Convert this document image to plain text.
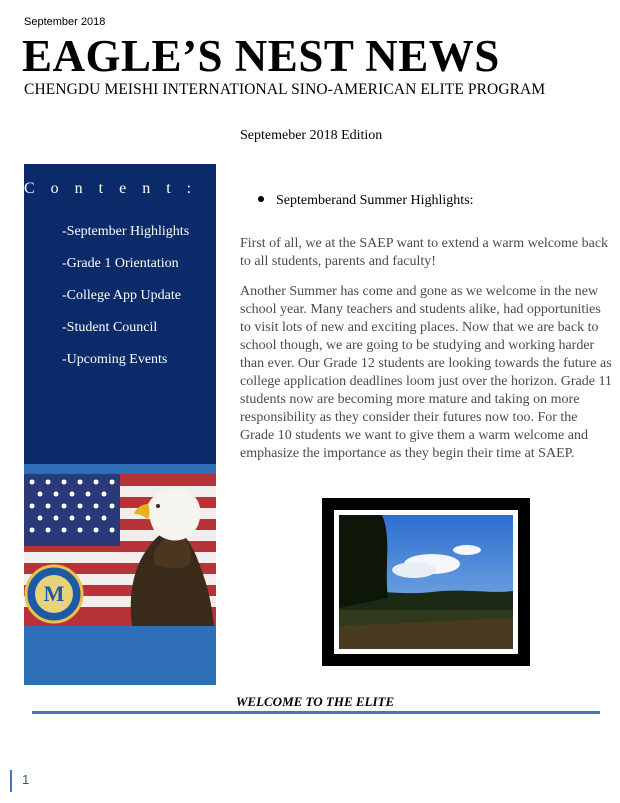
September 2018
EAGLE’S NEST NEWS
CHENGDU MEISHI INTERNATIONAL SINO-AMERICAN ELITE PROGRAM
Septemeber 2018 Edition
Content:
-September Highlights
-Grade 1 Orientation
-College App Update
-Student Council
-Upcoming Events
M
Septemberand Summer Highlights:

First of all, we at the SAEP want to extend a warm welcome back to all students, parents and faculty!

Another Summer has come and gone as we welcome in the new school year. Many teachers and students alike, had opportunities to visit lots of new and exciting places. Now that we are back to school though, we are going to be studying and working harder than ever. Our Grade 12 students are looking towards the future as college application deadlines loom just over the horizon. Grade 11 students now are becoming more mature and taking on more responsibility as they consider their futures now too. For the Grade 10 students we want to give them a warm welcome and emphasize the importance as they begin their time at SAEP.

WELCOME TO THE ELITE
1
